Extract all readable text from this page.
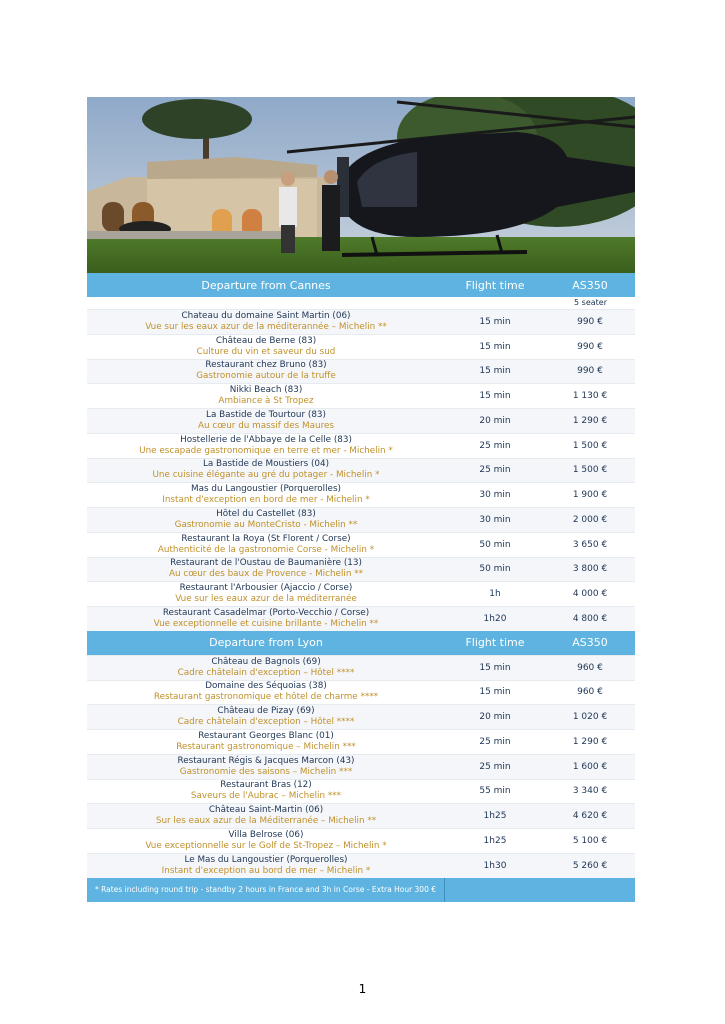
Departure from Cannes	Flight time	AS350
5 seater
Chateau du domaine Saint Martin (06)
Vue sur les eaux azur de la méditerannée – Michelin **	15 min	990 €
Château de Berne (83)
Culture du vin et saveur du sud	15 min	990 €
Restaurant chez Bruno (83)
Gastronomie autour de la truffe	15 min	990 €
Nikki Beach (83)
Ambiance à St Tropez	15 min	1 130 €
La Bastide de Tourtour (83)
Au cœur du massif des Maures	20 min	1 290 €
Hostellerie de l'Abbaye de la Celle (83)
Une escapade gastronomique en terre et mer - Michelin *	25 min	1 500 €
La Bastide de Moustiers (04)
Une cuisine élégante au gré du potager - Michelin *	25 min	1 500 €
Mas du Langoustier (Porquerolles)
Instant d'exception en bord de mer - Michelin *	30 min	1 900 €
Hôtel du Castellet (83)
Gastronomie au MonteCristo - Michelin **	30 min	2 000 €
Restaurant la Roya (St Florent / Corse)
Authenticité de la gastronomie Corse - Michelin *	50 min	3 650 €
Restaurant de l'Oustau de Baumanière (13)
Au cœur des baux de Provence - Michelin **	50 min	3 800 €
Restaurant l'Arbousier (Ajaccio / Corse)
Vue sur les eaux azur de la méditerranée	1h	4 000 €
Restaurant Casadelmar (Porto-Vecchio / Corse)
Vue exceptionnelle et cuisine brillante - Michelin **	1h20	4 800 €
Departure from Lyon	Flight time	AS350
Château de Bagnols (69)
Cadre châtelain d'exception – Hôtel ****	15 min	960 €
Domaine des Séquoias (38)
Restaurant gastronomique et hôtel de charme ****	15 min	960 €
Château de Pizay (69)
Cadre châtelain d'exception – Hôtel ****	20 min	1 020 €
Restaurant Georges Blanc (01)
Restaurant gastronomique – Michelin ***	25 min	1 290 €
Restaurant Régis & Jacques Marcon (43)
Gastronomie des saisons – Michelin ***	25 min	1 600 €
Restaurant Bras (12)
Saveurs de l'Aubrac – Michelin ***	55 min	3 340 €
Château Saint-Martin (06)
Sur les eaux azur de la Méditerranée – Michelin **	1h25	4 620 €
Villa Belrose (06)
Vue exceptionnelle sur le Golf de St-Tropez – Michelin *	1h25	5 100 €
Le Mas du Langoustier (Porquerolles)
Instant d'exception au bord de mer – Michelin *	1h30	5 260 €
* Rates including round trip - standby 2 hours in France and 3h in Corse - Extra Hour 300 €
1
